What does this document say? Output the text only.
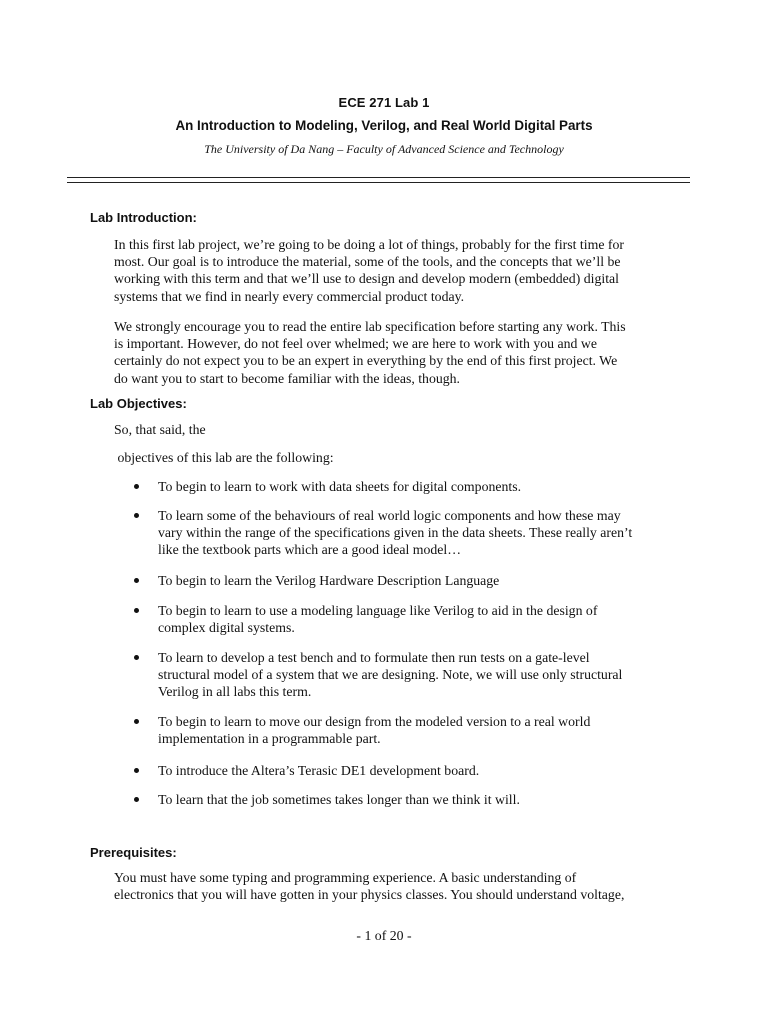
ECE 271 Lab 1
An Introduction to Modeling, Verilog, and Real World Digital Parts
The University of Da Nang – Faculty of Advanced Science and Technology
Lab Introduction:
In this first lab project, we’re going to be doing a lot of things, probably for the first time for
most. Our goal is to introduce the material, some of the tools, and the concepts that we’ll be
working with this term and that we’ll use to design and develop modern (embedded) digital
systems that we find in nearly every commercial product today.
We strongly encourage you to read the entire lab specification before starting any work. This
is important. However, do not feel over whelmed; we are here to work with you and we
certainly do not expect you to be an expert in everything by the end of this first project. We
do want you to start to become familiar with the ideas, though.
Lab Objectives:
So, that said, the
objectives of this lab are the following:
To begin to learn to work with data sheets for digital components.
To learn some of the behaviours of real world logic components and how these may
vary within the range of the specifications given in the data sheets. These really aren’t
like the textbook parts which are a good ideal model…
To begin to learn the Verilog Hardware Description Language
To begin to learn to use a modeling language like Verilog to aid in the design of
complex digital systems.
To learn to develop a test bench and to formulate then run tests on a gate-level
structural model of a system that we are designing. Note, we will use only structural
Verilog in all labs this term.
To begin to learn to move our design from the modeled version to a real world
implementation in a programmable part.
To introduce the Altera’s Terasic DE1 development board.
To learn that the job sometimes takes longer than we think it will.
Prerequisites:
You must have some typing and programming experience. A basic understanding of
electronics that you will have gotten in your physics classes. You should understand voltage,
- 1 of 20 -
